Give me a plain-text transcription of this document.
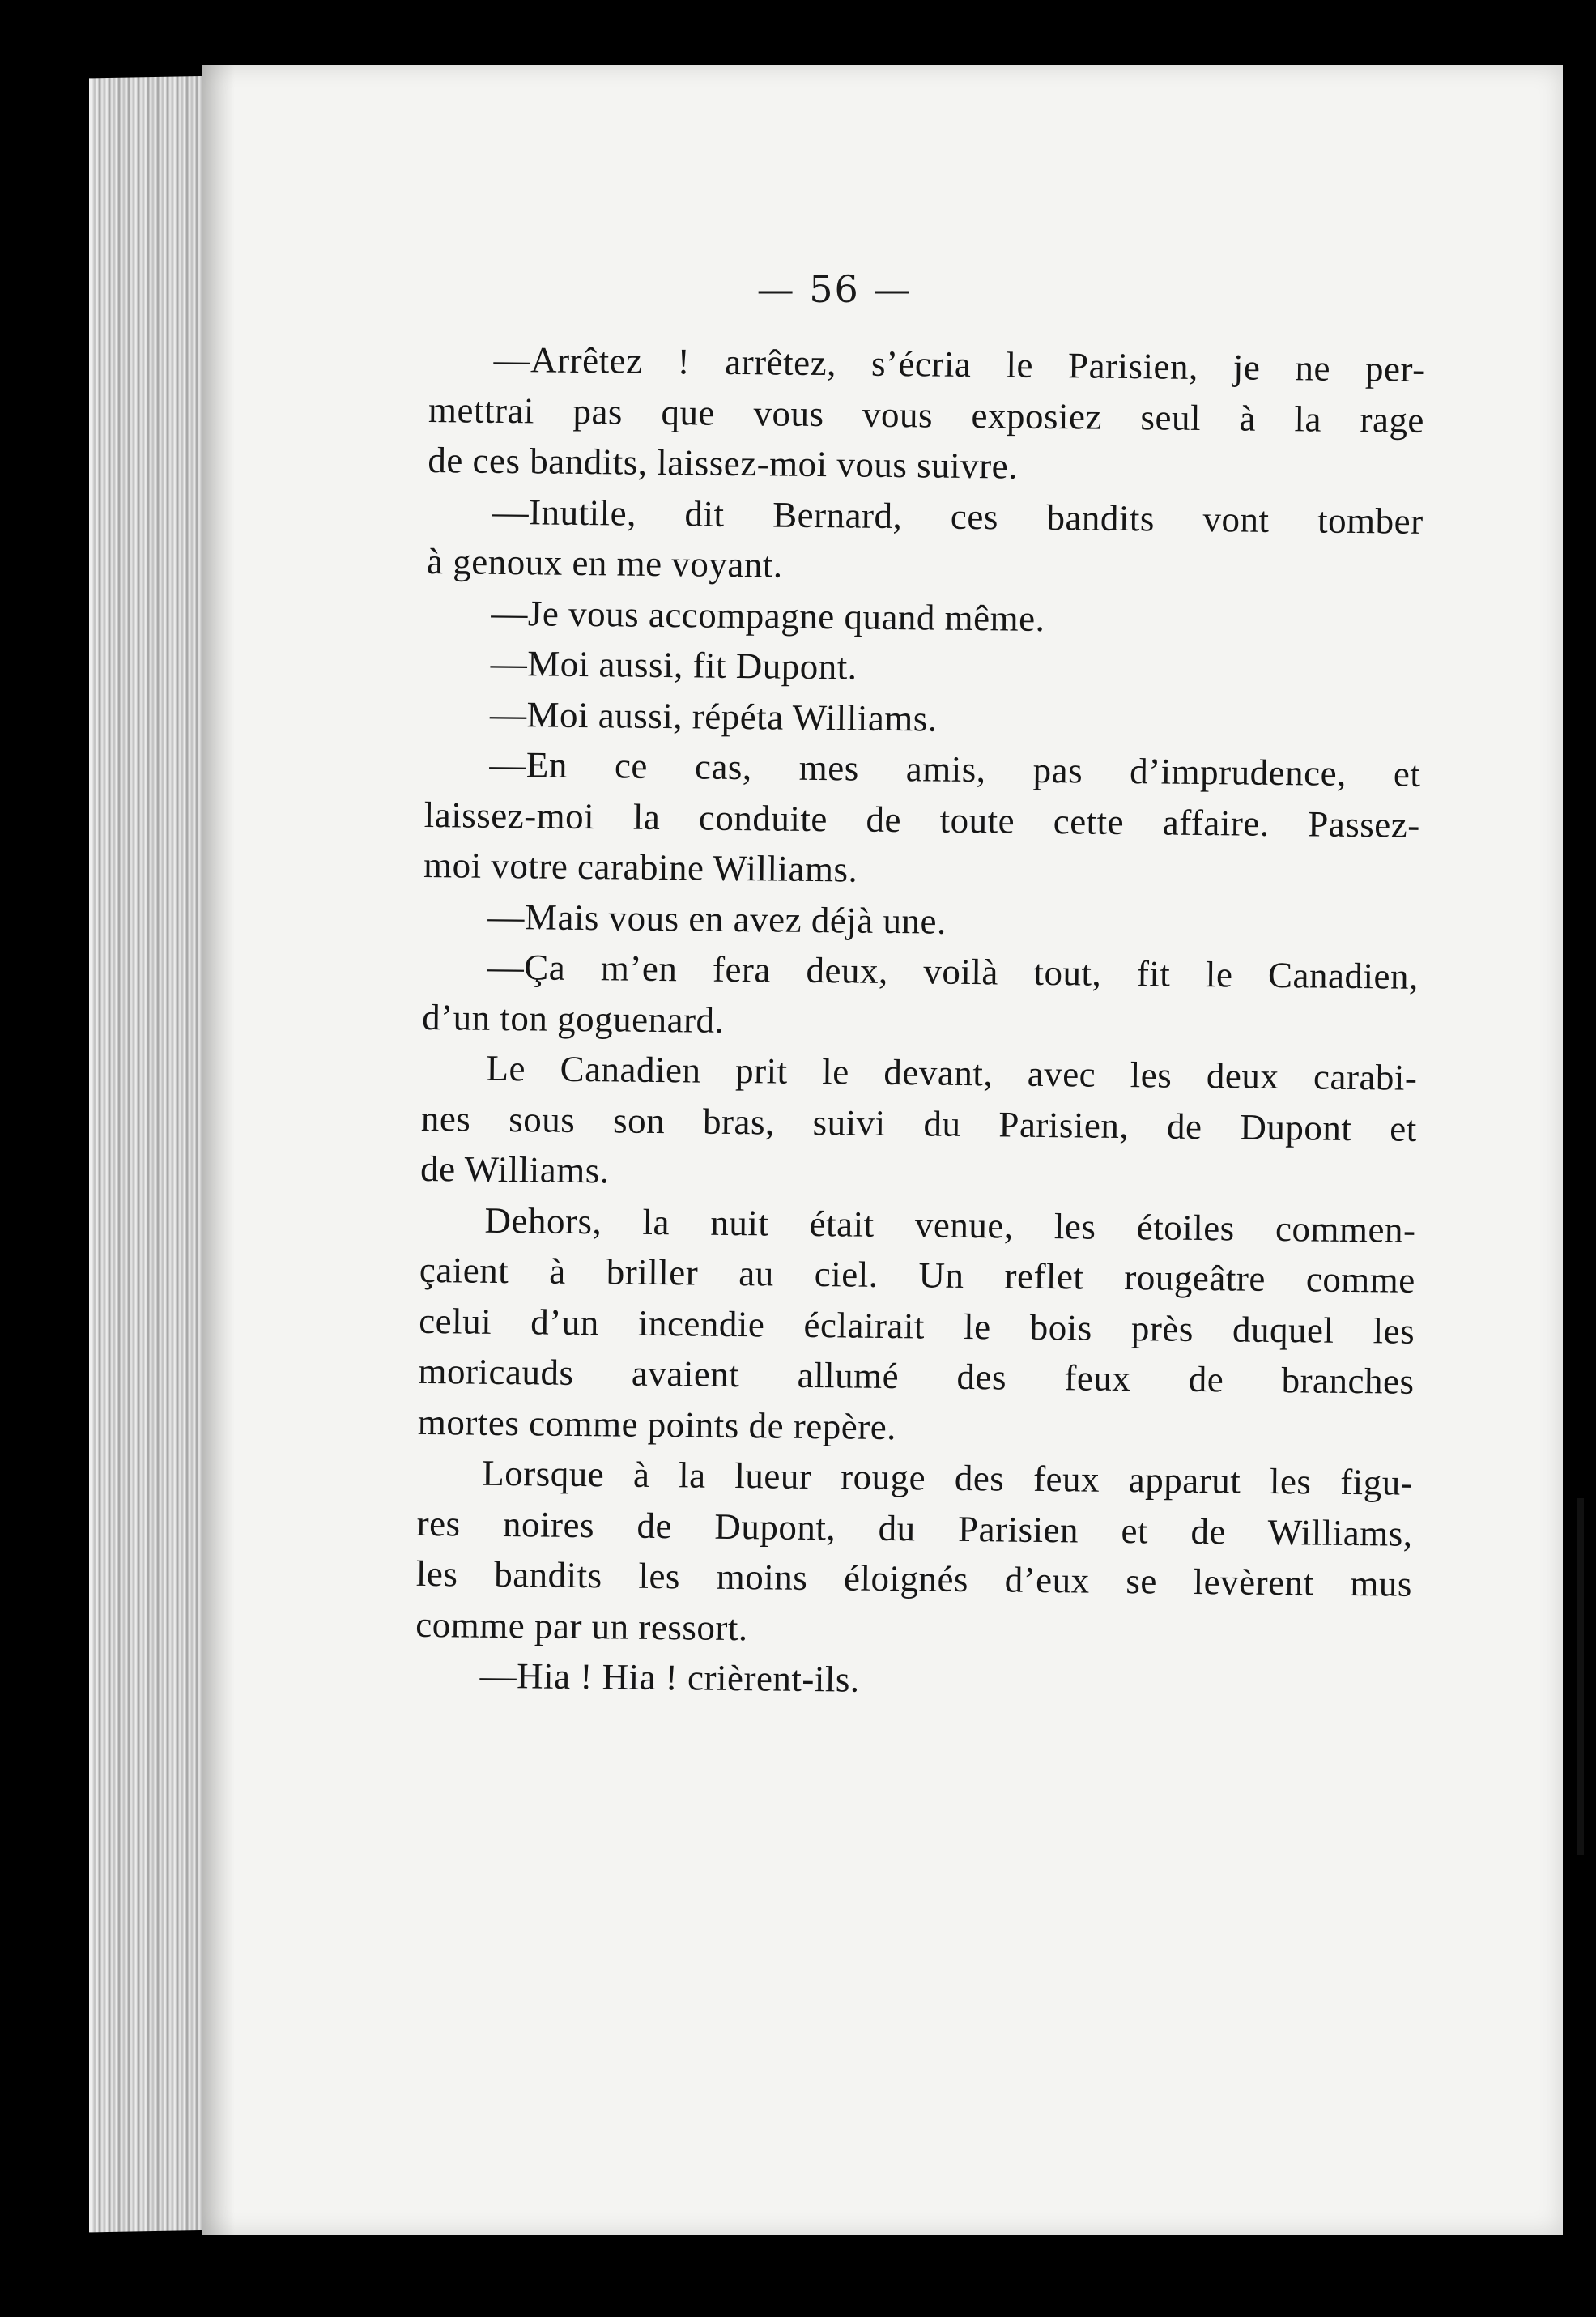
— 56 —
—Arrêtez ! arrêtez, s’écria le Parisien, je ne per-
mettrai pas que vous vous exposiez seul à la rage
de ces bandits, laissez-moi vous suivre.
—Inutile, dit Bernard, ces bandits vont tomber
à genoux en me voyant.
—Je vous accompagne quand même.
—Moi aussi, fit Dupont.
—Moi aussi, répéta Williams.
—En ce cas, mes amis, pas d’imprudence, et
laissez-moi la conduite de toute cette affaire. Passez-
moi votre carabine Williams.
—Mais vous en avez déjà une.
—Ça m’en fera deux, voilà tout, fit le Canadien,
d’un ton goguenard.
Le Canadien prit le devant, avec les deux carabi-
nes sous son bras, suivi du Parisien, de Dupont et
de Williams.
Dehors, la nuit était venue, les étoiles commen-
çaient à briller au ciel. Un reflet rougeâtre comme
celui d’un incendie éclairait le bois près duquel les
moricauds avaient allumé des feux de branches
mortes comme points de repère.
Lorsque à la lueur rouge des feux apparut les figu-
res noires de Dupont, du Parisien et de Williams,
les bandits les moins éloignés d’eux se levèrent mus
comme par un ressort.
—Hia ! Hia ! crièrent-ils.
